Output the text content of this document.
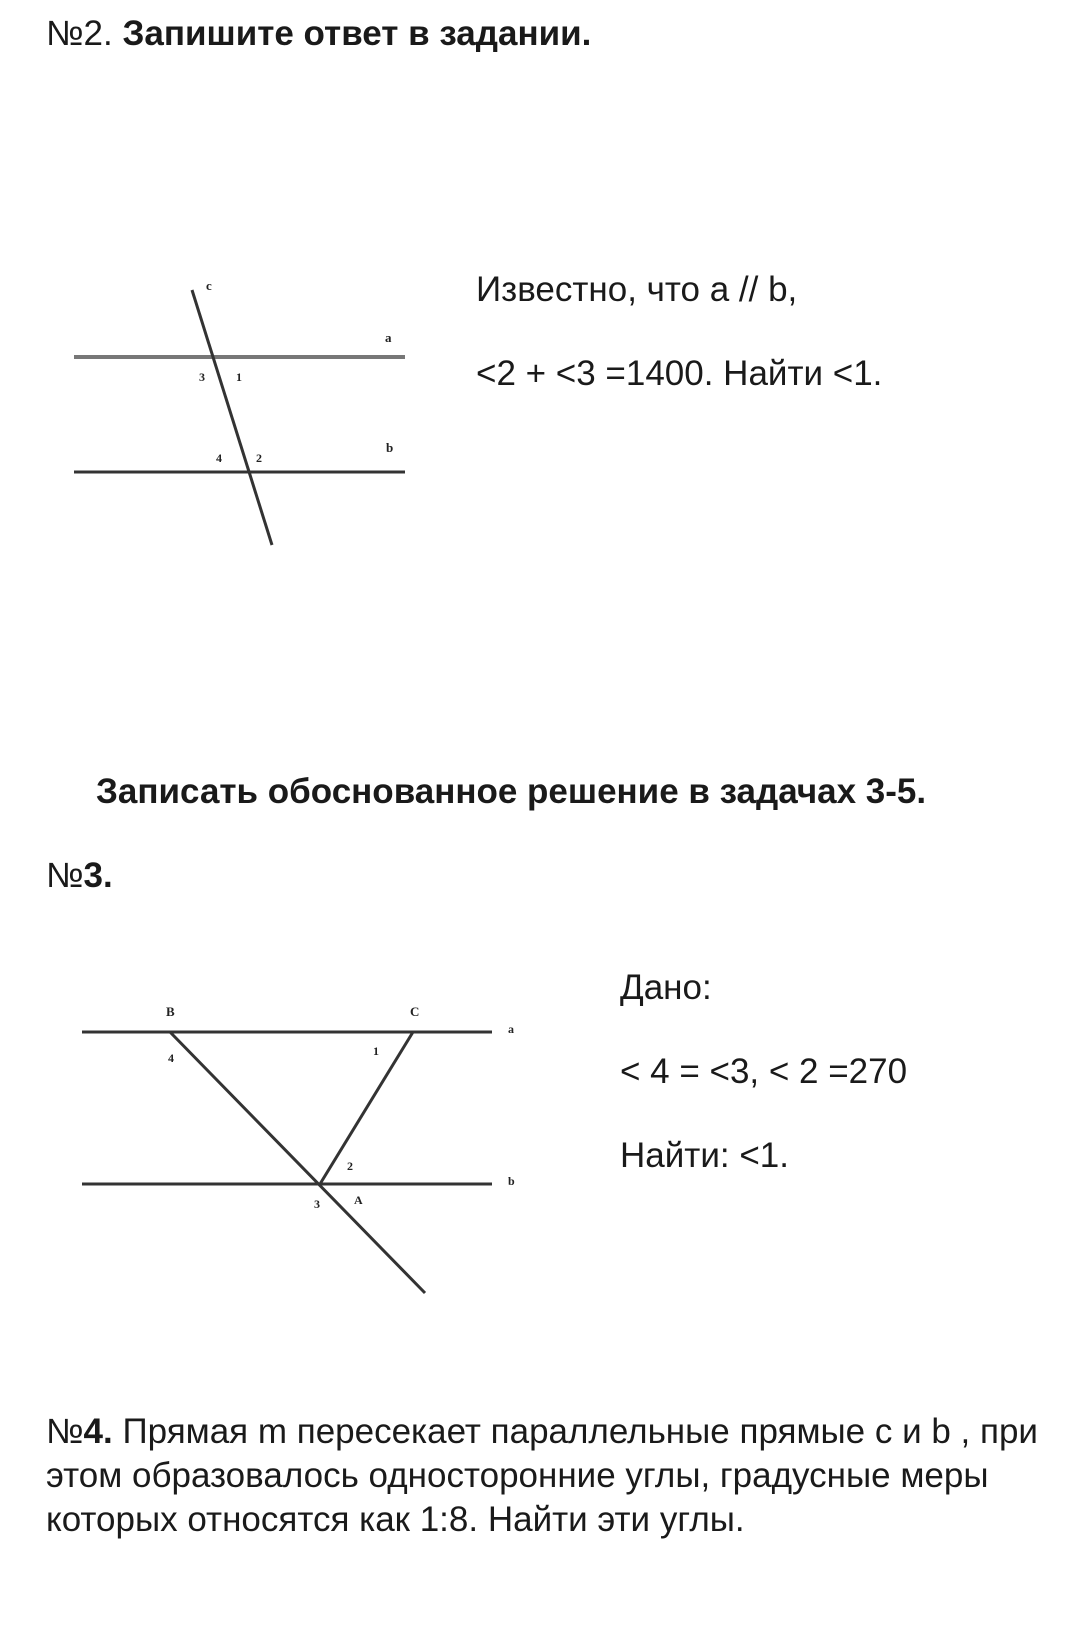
№2. Запишите ответ в задании.
c
a
b
3	1
4	2
Известно, что a // b,
<2 + <3 =1400. Найти <1.
Записать обоснованное решение в задачах 3-5.
№3.
B	C
a
b
4	1
2
3	A
Дано:
< 4 = <3, < 2 =270
Найти: <1.
№4. Прямая m пересекает параллельные прямые c и b , при этом образовалось односторонние углы, градусные меры которых относятся как 1:8. Найти эти углы.
